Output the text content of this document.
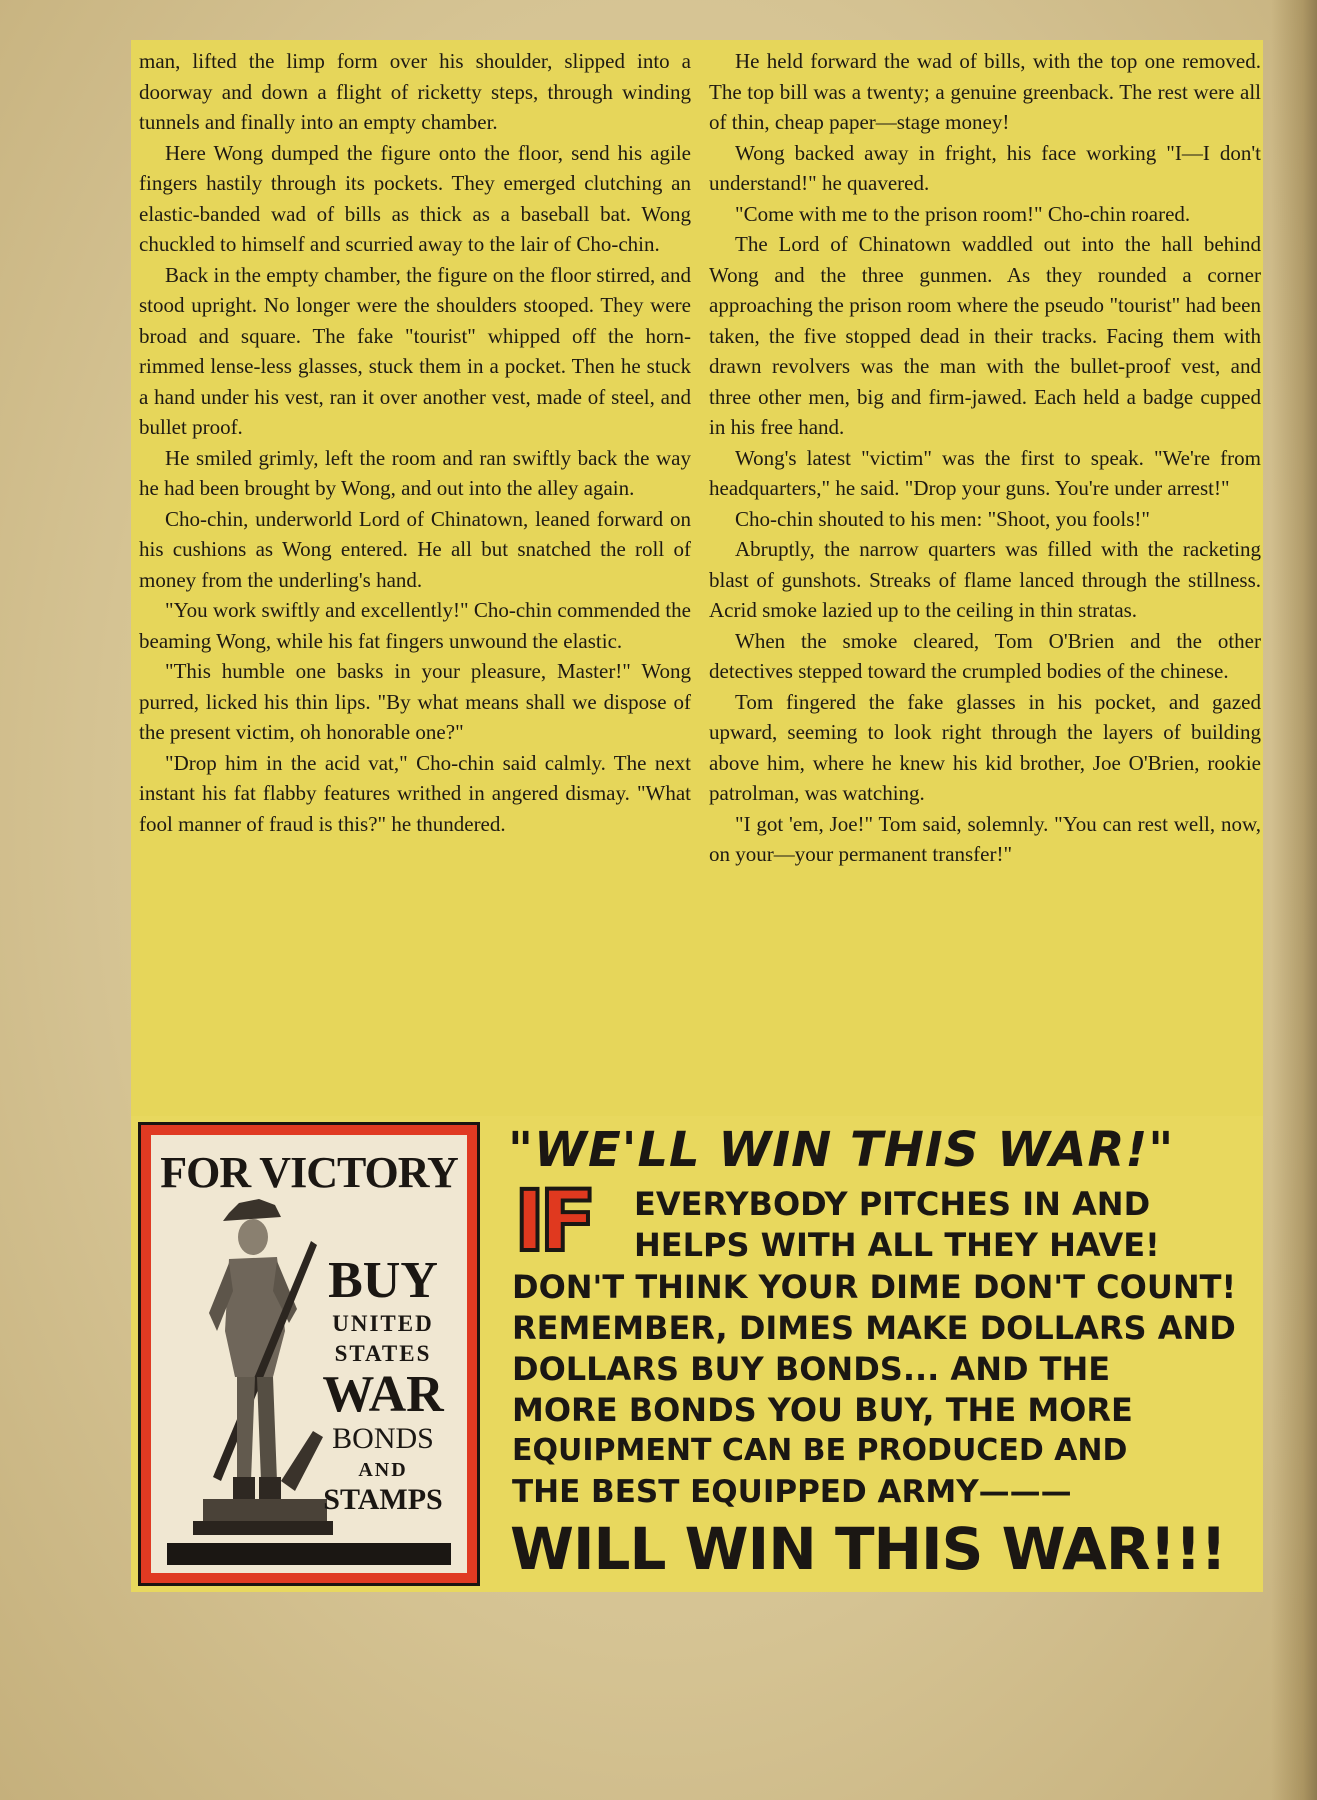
man, lifted the limp form over his shoulder, slipped into a doorway and down a flight of ricketty steps, through winding tunnels and finally into an empty chamber.

Here Wong dumped the figure onto the floor, send his agile fingers hastily through its pockets. They emerged clutching an elastic-banded wad of bills as thick as a baseball bat. Wong chuckled to himself and scurried away to the lair of Cho-chin.

Back in the empty chamber, the figure on the floor stirred, and stood upright. No longer were the shoulders stooped. They were broad and square. The fake "tourist" whipped off the horn-rimmed lense-less glasses, stuck them in a pocket. Then he stuck a hand under his vest, ran it over another vest, made of steel, and bullet proof.

He smiled grimly, left the room and ran swiftly back the way he had been brought by Wong, and out into the alley again.

Cho-chin, underworld Lord of Chinatown, leaned forward on his cushions as Wong entered. He all but snatched the roll of money from the underling's hand.

"You work swiftly and excellently!" Cho-chin commended the beaming Wong, while his fat fingers unwound the elastic.

"This humble one basks in your pleasure, Master!" Wong purred, licked his thin lips. "By what means shall we dispose of the present victim, oh honorable one?"

"Drop him in the acid vat," Cho-chin said calmly. The next instant his fat flabby features writhed in angered dismay. "What fool manner of fraud is this?" he thundered.

He held forward the wad of bills, with the top one removed. The top bill was a twenty; a genuine greenback. The rest were all of thin, cheap paper—stage money!

Wong backed away in fright, his face working "I—I don't understand!" he quavered.

"Come with me to the prison room!" Cho-chin roared.

The Lord of Chinatown waddled out into the hall behind Wong and the three gunmen. As they rounded a corner approaching the prison room where the pseudo "tourist" had been taken, the five stopped dead in their tracks. Facing them with drawn revolvers was the man with the bullet-proof vest, and three other men, big and firm-jawed. Each held a badge cupped in his free hand.

Wong's latest "victim" was the first to speak. "We're from headquarters," he said. "Drop your guns. You're under arrest!"

Cho-chin shouted to his men: "Shoot, you fools!"

Abruptly, the narrow quarters was filled with the racketing blast of gunshots. Streaks of flame lanced through the stillness. Acrid smoke lazied up to the ceiling in thin stratas.

When the smoke cleared, Tom O'Brien and the other detectives stepped toward the crumpled bodies of the chinese.

Tom fingered the fake glasses in his pocket, and gazed upward, seeming to look right through the layers of building above him, where he knew his kid brother, Joe O'Brien, rookie patrolman, was watching.

"I got 'em, Joe!" Tom said, solemnly. "You can rest well, now, on your—your permanent transfer!"

FOR VICTORY
BUY
UNITED
STATES
WAR
BONDS
AND
STAMPS
"WE'LL WIN THIS WAR!"
IF EVERYBODY PITCHES IN AND
HELPS WITH ALL THEY HAVE!
DON'T THINK YOUR DIME DON'T COUNT!
REMEMBER, DIMES MAKE DOLLARS AND
DOLLARS BUY BONDS... AND THE
MORE BONDS YOU BUY, THE MORE
EQUIPMENT CAN BE PRODUCED AND
THE BEST EQUIPPED ARMY———
WILL WIN THIS WAR!!!
